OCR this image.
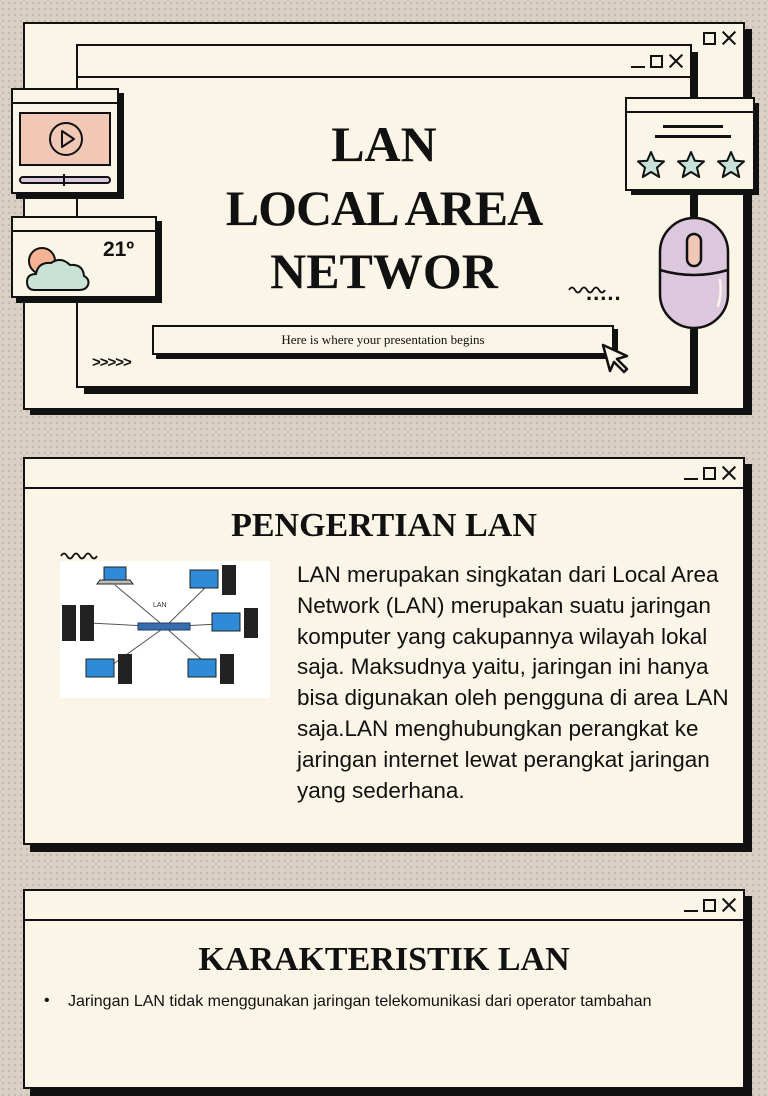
LAN
LOCAL AREA
NETWOR
Here is where your presentation begins
>>>>>
.....
21º
PENGERTIAN LAN
LAN
LAN merupakan singkatan dari Local Area Network (LAN) merupakan suatu jaringan komputer yang cakupannya wilayah lokal saja. Maksudnya yaitu, jaringan ini hanya bisa digunakan oleh pengguna di area LAN saja.LAN menghubungkan perangkat ke jaringan internet lewat perangkat jaringan yang sederhana.
KARAKTERISTIK LAN
•	Jaringan LAN tidak menggunakan jaringan telekomunikasi dari operator tambahan
